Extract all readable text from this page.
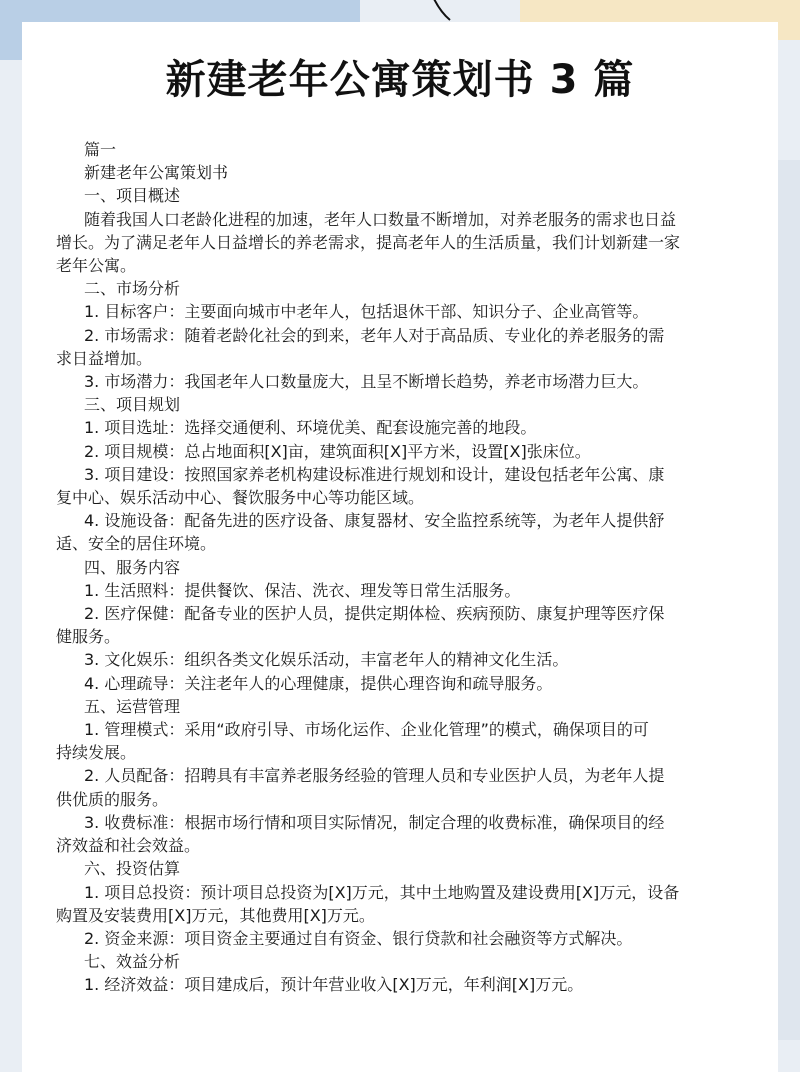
新建老年公寓策划书 3 篇
篇一
新建老年公寓策划书
一、项目概述
随着我国人口老龄化进程的加速，老年人口数量不断增加，对养老服务的需求也日益
增长。为了满足老年人日益增长的养老需求，提高老年人的生活质量，我们计划新建一家
老年公寓。
二、市场分析
1. 目标客户：主要面向城市中老年人，包括退休干部、知识分子、企业高管等。
2. 市场需求：随着老龄化社会的到来，老年人对于高品质、专业化的养老服务的需
求日益增加。
3. 市场潜力：我国老年人口数量庞大，且呈不断增长趋势，养老市场潜力巨大。
三、项目规划
1. 项目选址：选择交通便利、环境优美、配套设施完善的地段。
2. 项目规模：总占地面积[X]亩，建筑面积[X]平方米，设置[X]张床位。
3. 项目建设：按照国家养老机构建设标准进行规划和设计，建设包括老年公寓、康
复中心、娱乐活动中心、餐饮服务中心等功能区域。
4. 设施设备：配备先进的医疗设备、康复器材、安全监控系统等，为老年人提供舒
适、安全的居住环境。
四、服务内容
1. 生活照料：提供餐饮、保洁、洗衣、理发等日常生活服务。
2. 医疗保健：配备专业的医护人员，提供定期体检、疾病预防、康复护理等医疗保
健服务。
3. 文化娱乐：组织各类文化娱乐活动，丰富老年人的精神文化生活。
4. 心理疏导：关注老年人的心理健康，提供心理咨询和疏导服务。
五、运营管理
1. 管理模式：采用“政府引导、市场化运作、企业化管理”的模式，确保项目的可
持续发展。
2. 人员配备：招聘具有丰富养老服务经验的管理人员和专业医护人员，为老年人提
供优质的服务。
3. 收费标准：根据市场行情和项目实际情况，制定合理的收费标准，确保项目的经
济效益和社会效益。
六、投资估算
1. 项目总投资：预计项目总投资为[X]万元，其中土地购置及建设费用[X]万元，设备
购置及安装费用[X]万元，其他费用[X]万元。
2. 资金来源：项目资金主要通过自有资金、银行贷款和社会融资等方式解决。
七、效益分析
1. 经济效益：项目建成后，预计年营业收入[X]万元，年利润[X]万元。
